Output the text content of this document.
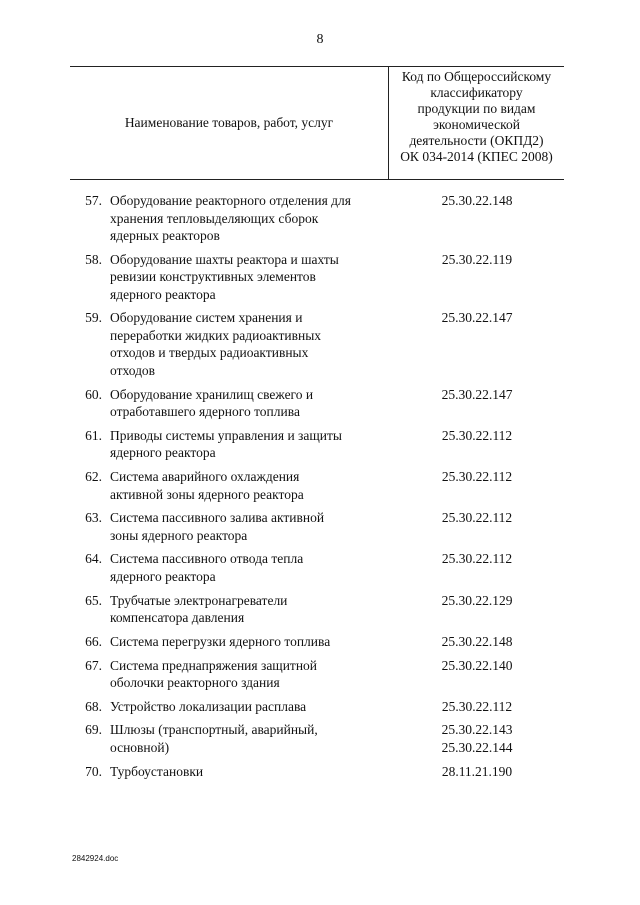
8
Наименование товаров, работ, услуг
Код по Общероссийскому
классификатору
продукции по видам
экономической
деятельности (ОКПД2)
ОК 034-2014 (КПЕС 2008)
57. Оборудование реакторного отделения для
хранения тепловыделяющих сборок
ядерных реакторов
25.30.22.148
58. Оборудование шахты реактора и шахты
ревизии конструктивных элементов
ядерного реактора
25.30.22.119
59. Оборудование систем хранения и
переработки жидких радиоактивных
отходов и твердых радиоактивных
отходов
25.30.22.147
60. Оборудование хранилищ свежего и
отработавшего ядерного топлива
25.30.22.147
61. Приводы системы управления и защиты
ядерного реактора
25.30.22.112
62. Система аварийного охлаждения
активной зоны ядерного реактора
25.30.22.112
63. Система пассивного залива активной
зоны ядерного реактора
25.30.22.112
64. Система пассивного отвода тепла
ядерного реактора
25.30.22.112
65. Трубчатые электронагреватели
компенсатора давления
25.30.22.129
66. Система перегрузки ядерного топлива	25.30.22.148
67. Система преднапряжения защитной
оболочки реакторного здания
25.30.22.140
68. Устройство локализации расплава	25.30.22.112
69. Шлюзы (транспортный, аварийный,
основной)
25.30.22.143
25.30.22.144
70. Турбоустановки	28.11.21.190
2842924.doc
